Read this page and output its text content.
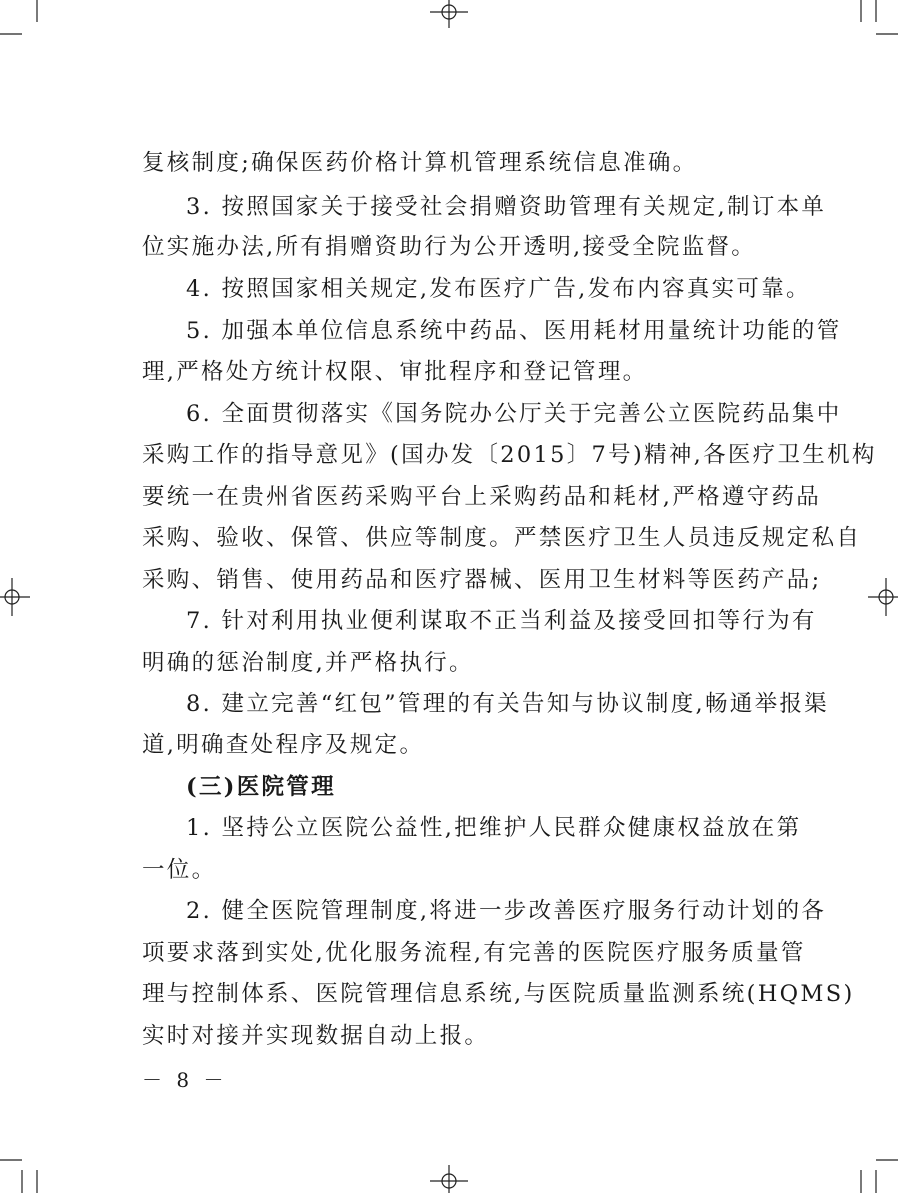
复核制度;确保医药价格计算机管理系统信息准确。
3. 按照国家关于接受社会捐赠资助管理有关规定,制订本单
位实施办法,所有捐赠资助行为公开透明,接受全院监督。
4. 按照国家相关规定,发布医疗广告,发布内容真实可靠。
5. 加强本单位信息系统中药品、医用耗材用量统计功能的管
理,严格处方统计权限、审批程序和登记管理。
6. 全面贯彻落实《国务院办公厅关于完善公立医院药品集中
采购工作的指导意见》(国办发〔2015〕7号)精神,各医疗卫生机构
要统一在贵州省医药采购平台上采购药品和耗材,严格遵守药品
采购、验收、保管、供应等制度。严禁医疗卫生人员违反规定私自
采购、销售、使用药品和医疗器械、医用卫生材料等医药产品;
7. 针对利用执业便利谋取不正当利益及接受回扣等行为有
明确的惩治制度,并严格执行。
8. 建立完善“红包”管理的有关告知与协议制度,畅通举报渠
道,明确查处程序及规定。
(三)医院管理
1. 坚持公立医院公益性,把维护人民群众健康权益放在第
一位。
2. 健全医院管理制度,将进一步改善医疗服务行动计划的各
项要求落到实处,优化服务流程,有完善的医院医疗服务质量管
理与控制体系、医院管理信息系统,与医院质量监测系统(HQMS)
实时对接并实现数据自动上报。
－ 8 －
